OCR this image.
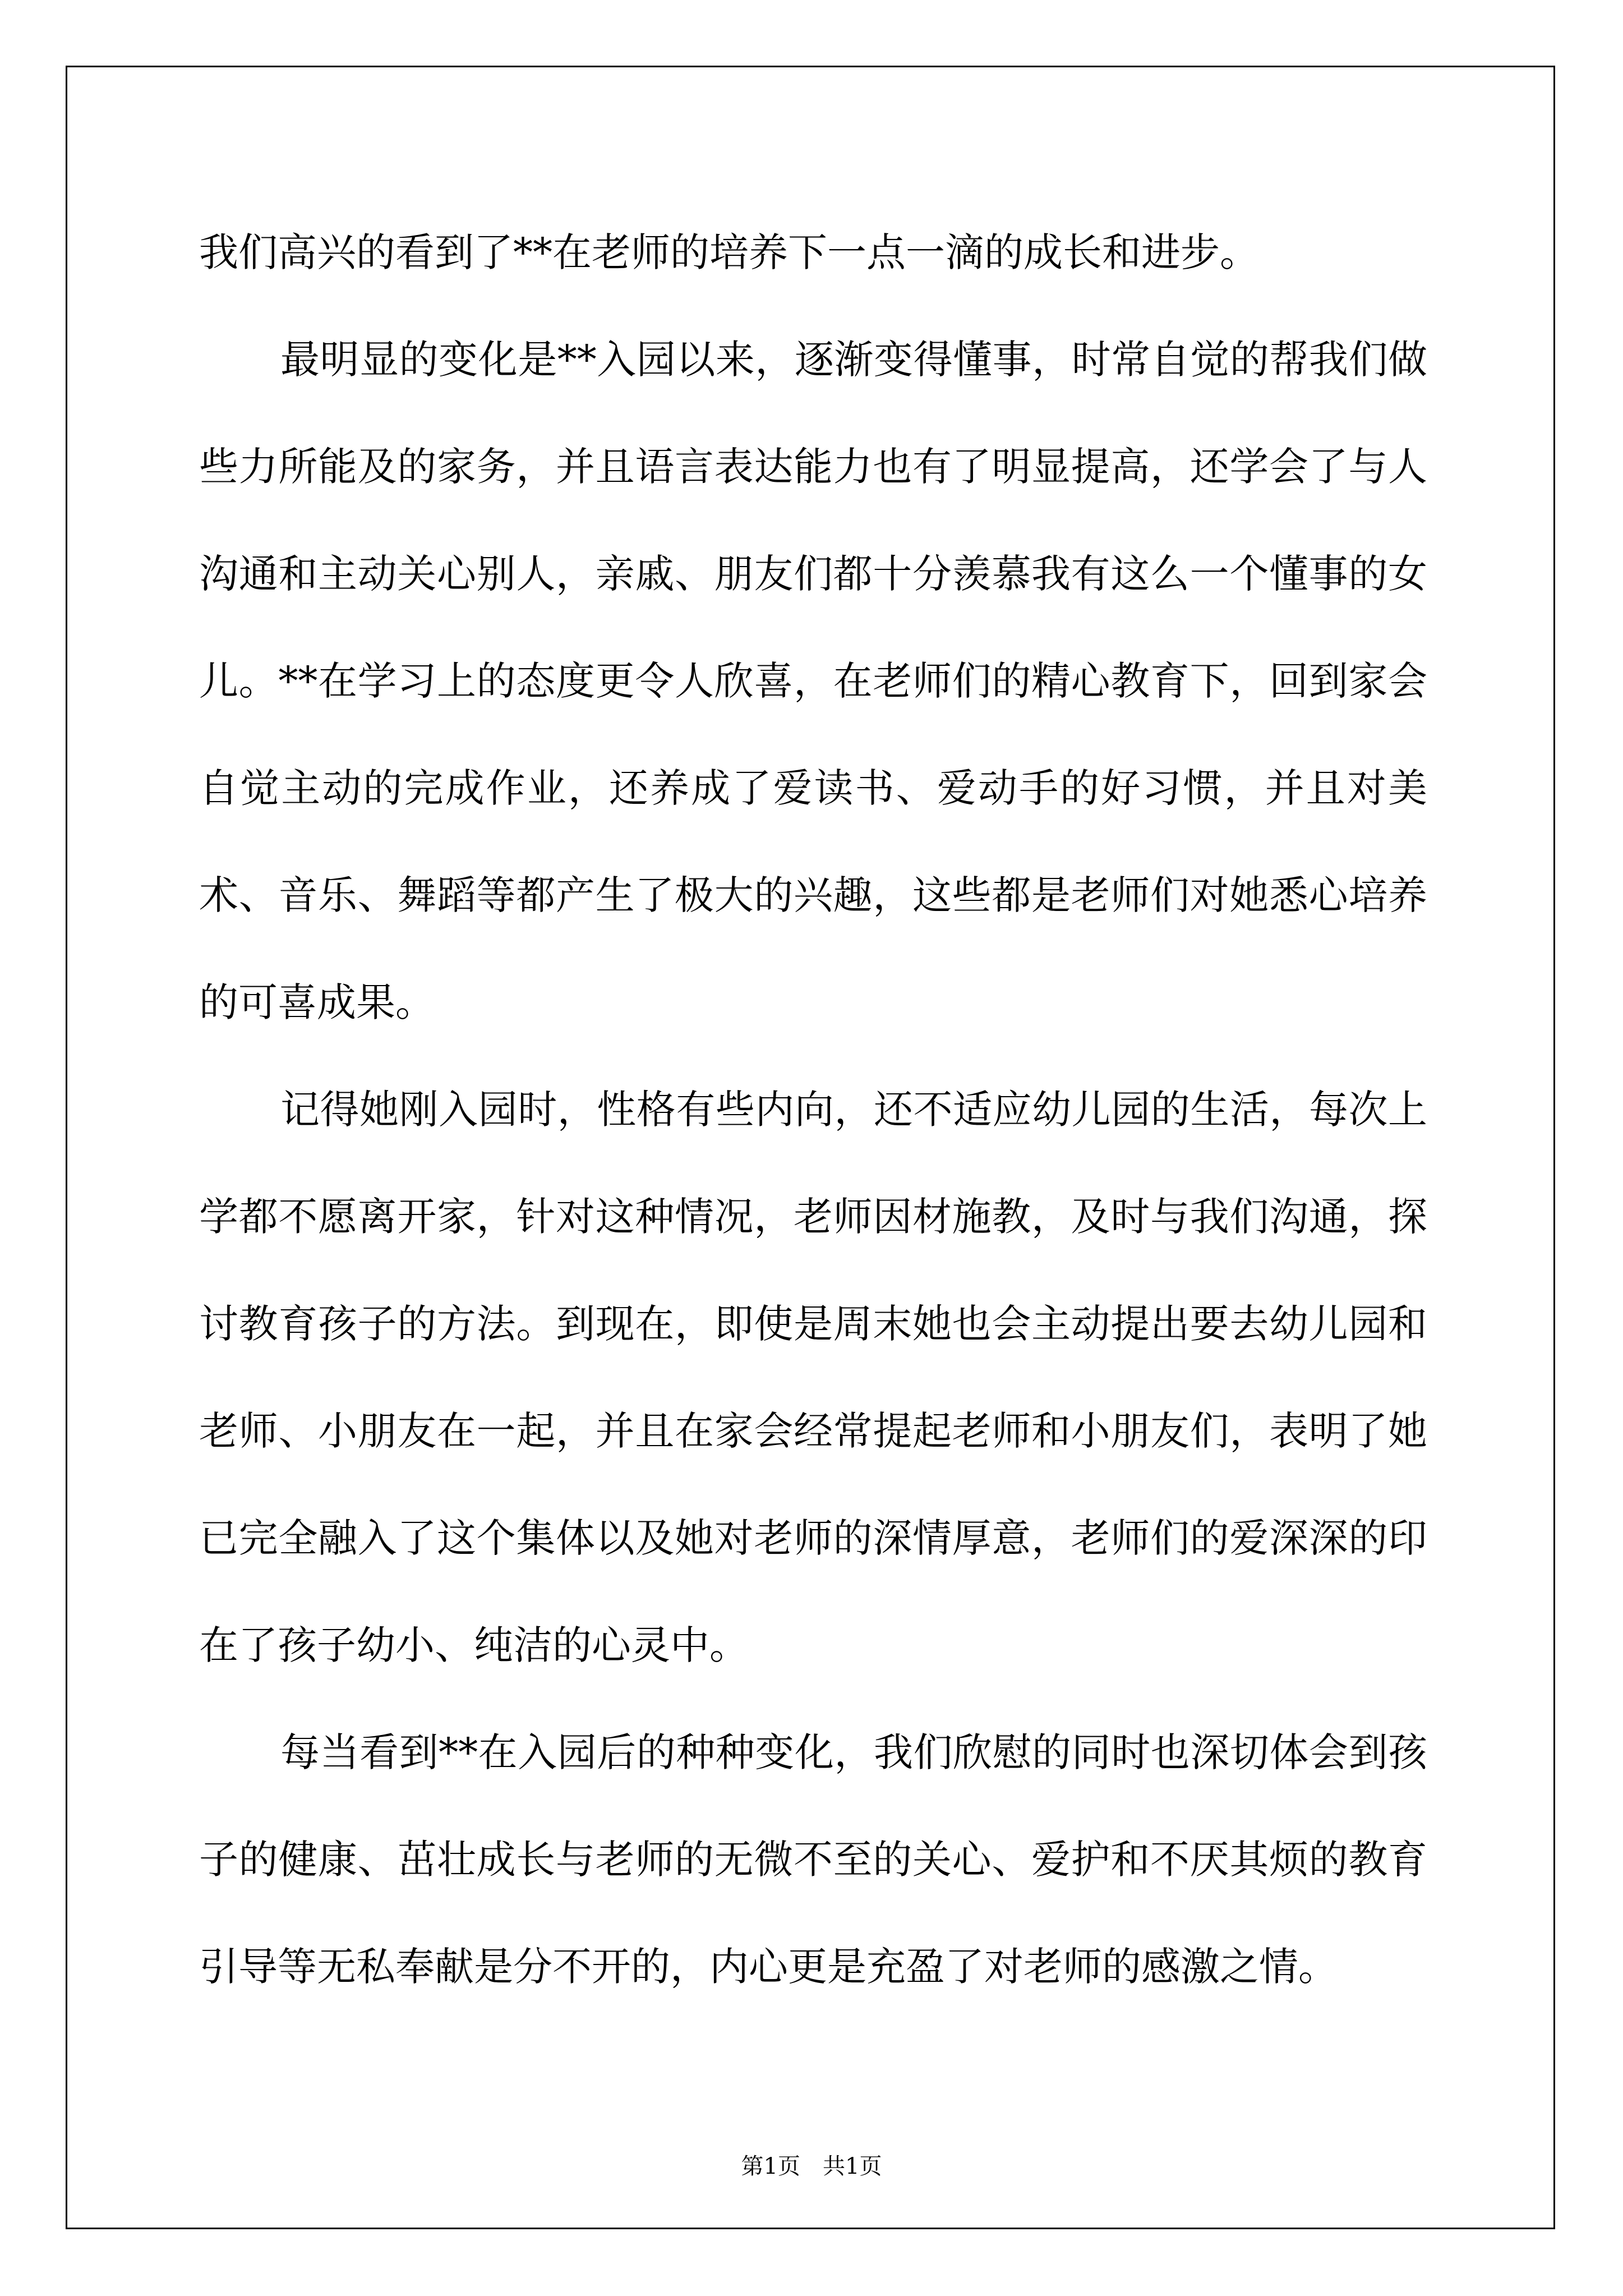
我们高兴的看到了**在老师的培养下一点一滴的成长和进步。

最明显的变化是**入园以来，逐渐变得懂事，时常自觉的帮我们做些力所能及的家务，并且语言表达能力也有了明显提高，还学会了与人沟通和主动关心别人，亲戚、朋友们都十分羡慕我有这么一个懂事的女儿。**在学习上的态度更令人欣喜，在老师们的精心教育下，回到家会自觉主动的完成作业，还养成了爱读书、爱动手的好习惯，并且对美术、音乐、舞蹈等都产生了极大的兴趣，这些都是老师们对她悉心培养的可喜成果。

记得她刚入园时，性格有些内向，还不适应幼儿园的生活，每次上学都不愿离开家，针对这种情况，老师因材施教，及时与我们沟通，探讨教育孩子的方法。到现在，即使是周末她也会主动提出要去幼儿园和老师、小朋友在一起，并且在家会经常提起老师和小朋友们，表明了她已完全融入了这个集体以及她对老师的深情厚意，老师们的爱深深的印在了孩子幼小、纯洁的心灵中。

每当看到**在入园后的种种变化，我们欣慰的同时也深切体会到孩子的健康、茁壮成长与老师的无微不至的关心、爱护和不厌其烦的教育引导等无私奉献是分不开的，内心更是充盈了对老师的感激之情。

第1页　共1页
